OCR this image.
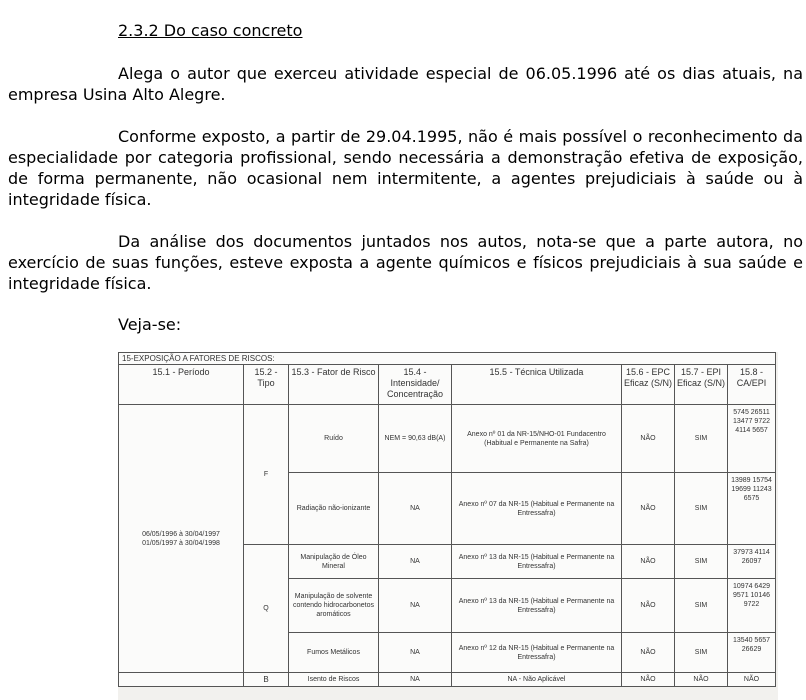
2.3.2 Do caso concreto

Alega o autor que exerceu atividade especial de 06.05.1996 até os dias atuais, na empresa Usina Alto Alegre.

Conforme exposto, a partir de 29.04.1995, não é mais possível o reconhecimento da especialidade por categoria profissional, sendo necessária a demonstração efetiva de exposição, de forma permanente, não ocasional nem intermitente, a agentes prejudiciais à saúde ou à integridade física.

Da análise dos documentos juntados nos autos, nota-se que a parte autora, no exercício de suas funções, esteve exposta a agente químicos e físicos prejudiciais à sua saúde e integridade física.

Veja-se:

15-EXPOSIÇÃO A FATORES DE RISCOS:							
15.1 - Período	15.2 - Tipo	15.3 - Fator de Risco	15.4 - Intensidade/ Concentração	15.5 - Técnica Utilizada	15.6 - EPC Eficaz (S/N)	15.7 - EPI Eficaz (S/N)	15.8 - CA/EPI

06/05/1996 à 30/04/1997
01/05/1997 à 30/04/1998	F	Ruído	NEM = 90,63 dB(A)	Anexo nº 01 da NR-15/NHO-01 Fundacentro (Habitual e Permanente na Safra)	NÃO	SIM	5745 26511 13477 9722 4114 5657
		Radiação não-ionizante	NA	Anexo nº 07 da NR-15 (Habitual e Permanente na Entressafra)	NÃO	SIM	13989 15754 19699 11243 6575
	Q	Manipulação de Óleo Mineral	NA	Anexo nº 13 da NR-15 (Habitual e Permanente na Entressafra)	NÃO	SIM	37973 4114 26097
		Manipulação de solvente contendo hidrocarbonetos aromáticos	NA	Anexo nº 13 da NR-15 (Habitual e Permanente na Entressafra)	NÃO	SIM	10974 6429 9571 10146 9722
		Fumos Metálicos	NA	Anexo nº 12 da NR-15 (Habitual e Permanente na Entressafra)	NÃO	SIM	13540 5657 26629
	B	Isento de Riscos	NA	NA - Não Aplicável	NÃO	NÃO	NÃO
